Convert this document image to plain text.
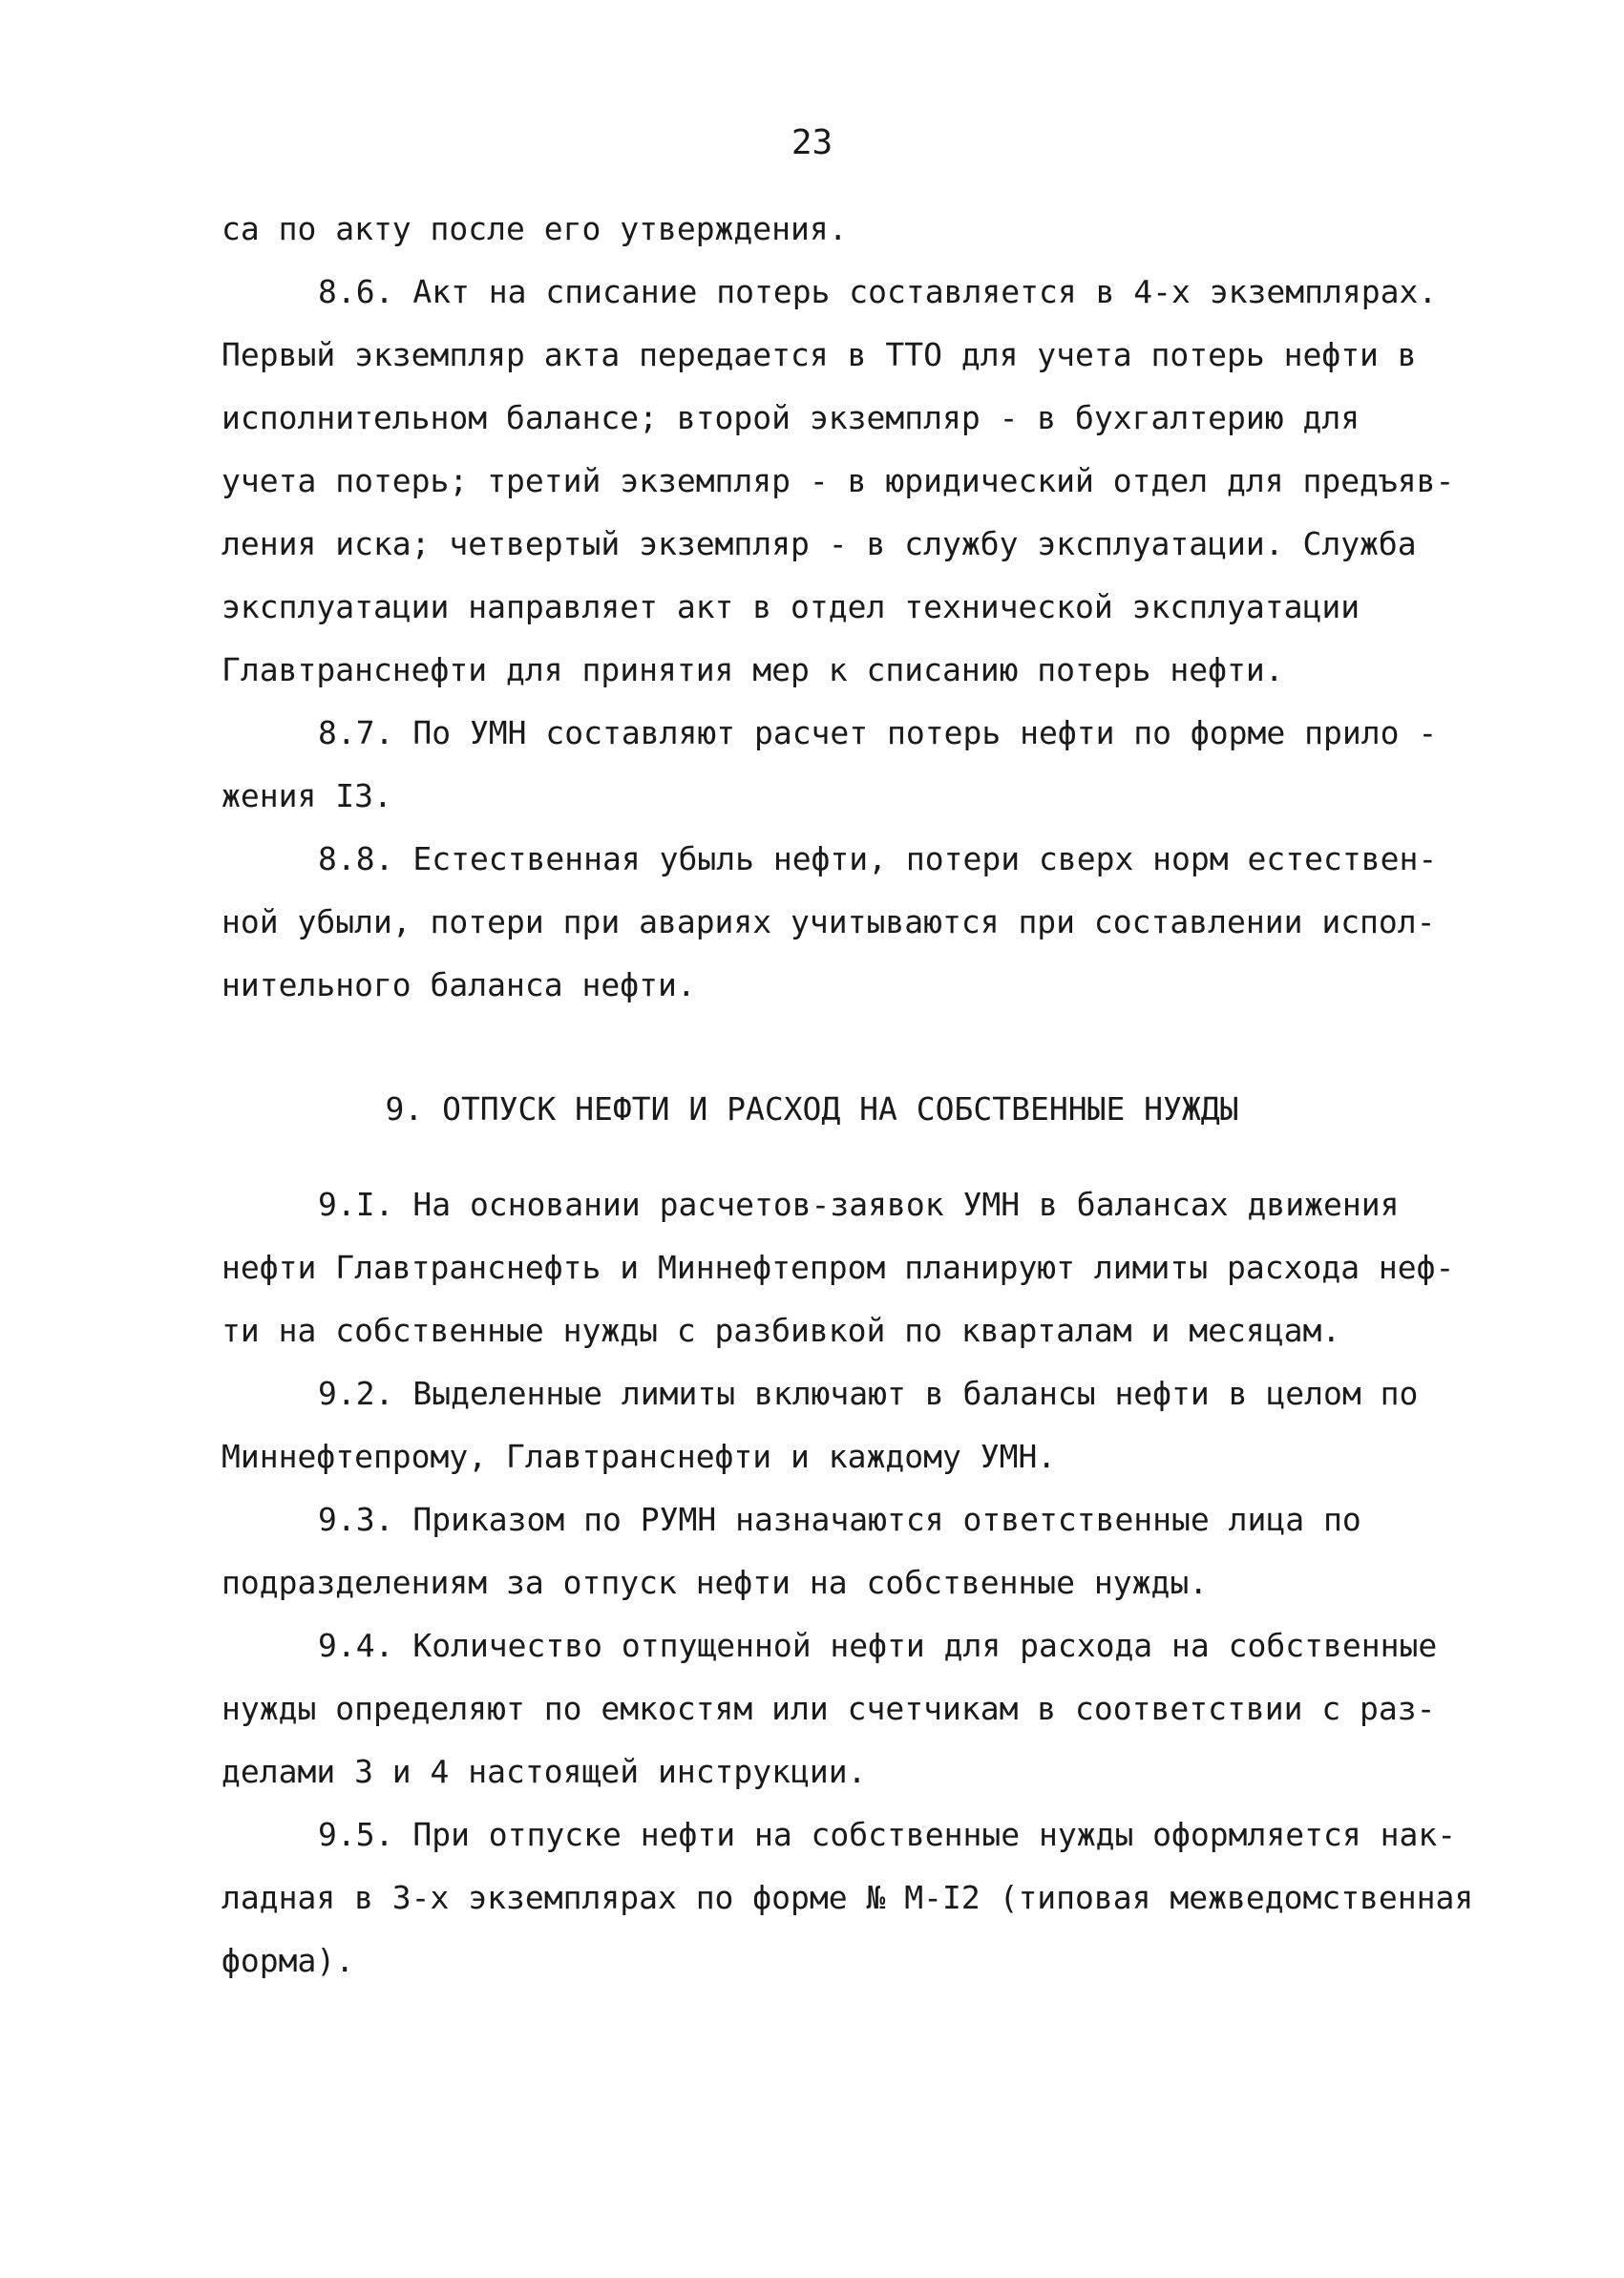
23
са по акту после его утверждения.
8.6. Акт на списание потерь составляется в 4-х экземплярах.
Первый экземпляр акта передается в ТТО для учета потерь нефти в
исполнительном балансе; второй экземпляр - в бухгалтерию для
учета потерь; третий экземпляр - в юридический отдел для предъяв-
ления иска; четвертый экземпляр - в службу эксплуатации. Служба
эксплуатации направляет акт в отдел технической эксплуатации
Главтранснефти для принятия мер к списанию потерь нефти.
8.7. По УМН составляют расчет потерь нефти по форме прило -
жения I3.
8.8. Естественная убыль нефти, потери сверх норм естествен-
ной убыли, потери при авариях учитываются при составлении испол-
нительного баланса нефти.
9. ОТПУСК НЕФТИ И РАСХОД НА СОБСТВЕННЫЕ НУЖДЫ
9.I. На основании расчетов-заявок УМН в балансах движения
нефти Главтранснефть и Миннефтепром планируют лимиты расхода неф-
ти на собственные нужды с разбивкой по кварталам и месяцам.
9.2. Выделенные лимиты включают в балансы нефти в целом по
Миннефтепрому, Главтранснефти и каждому УМН.
9.3. Приказом по РУМН назначаются ответственные лица по
подразделениям за отпуск нефти на собственные нужды.
9.4. Количество отпущенной нефти для расхода на собственные
нужды определяют по емкостям или счетчикам в соответствии с раз-
делами 3 и 4 настоящей инструкции.
9.5. При отпуске нефти на собственные нужды оформляется нак-
ладная в 3-х экземплярах по форме № М-I2 (типовая межведомственная
форма).
